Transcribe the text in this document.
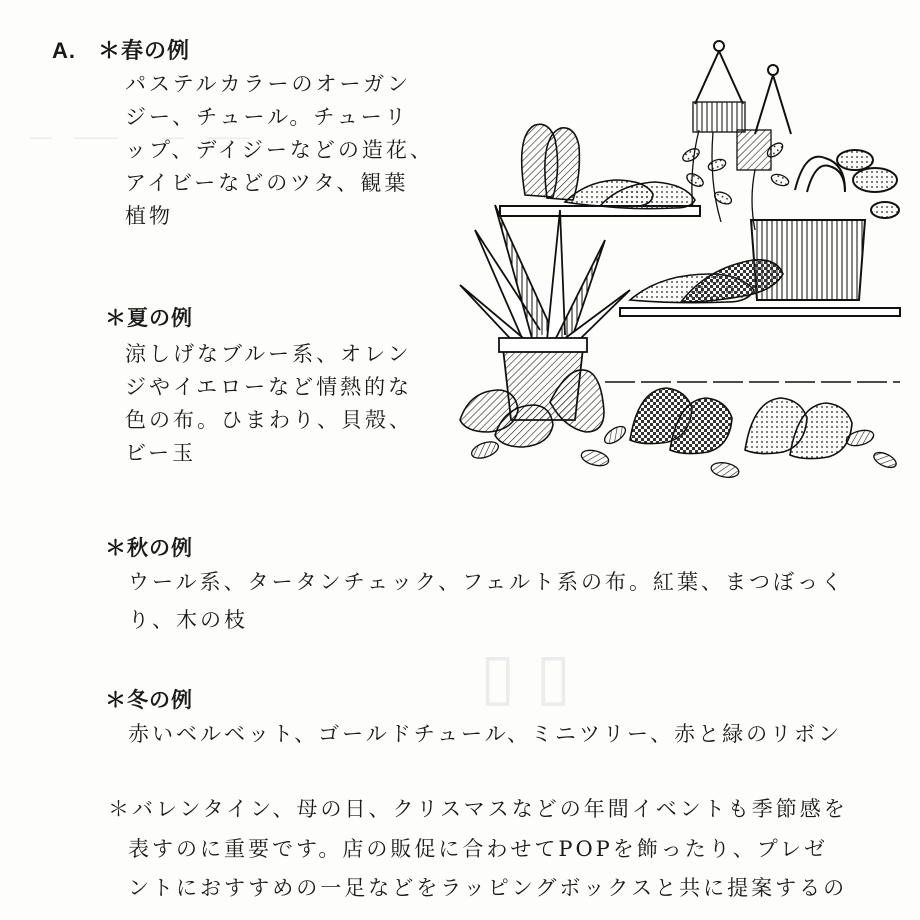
―　――　　―　――
▯ ▯
A. ＊春の例

パステルカラーのオーガン
ジー、チュール。チューリ
ップ、デイジーなどの造花、
アイビーなどのツタ、観葉
植物

＊夏の例

涼しげなブルー系、オレン
ジやイエローなど情熱的な
色の布。ひまわり、貝殻、
ビー玉

＊秋の例
ウール系、タータンチェック、フェルト系の布。紅葉、まつぼっく
り、木の枝
＊冬の例
赤いベルベット、ゴールドチュール、ミニツリー、赤と緑のリボン
＊バレンタイン、母の日、クリスマスなどの年間イベントも季節感を
表すのに重要です。店の販促に合わせてPOPを飾ったり、プレゼ
ントにおすすめの一足などをラッピングボックスと共に提案するの
